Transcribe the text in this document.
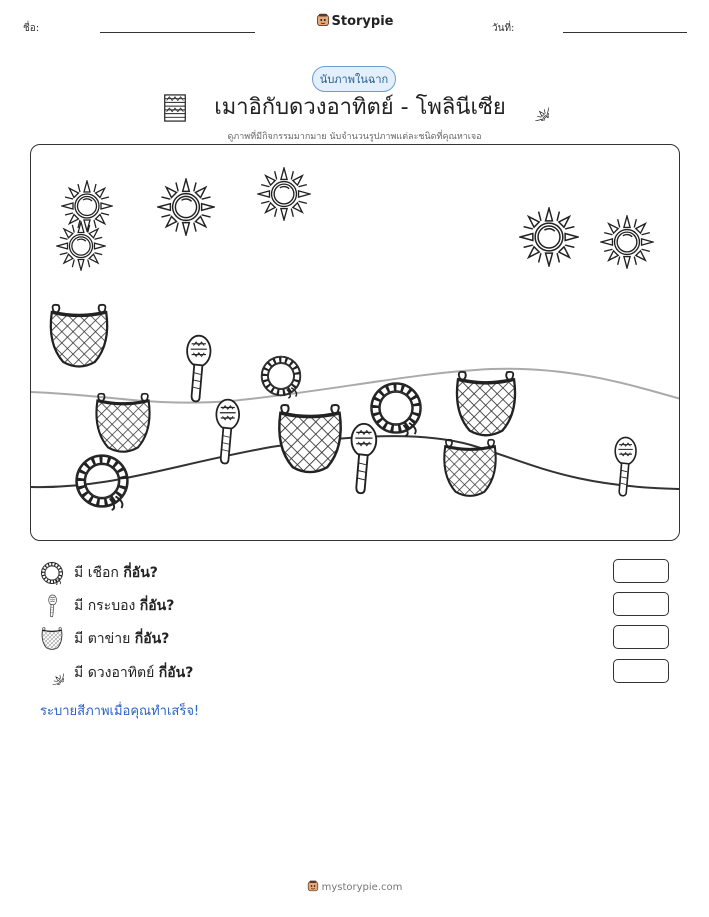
ชื่อ:	Storypie	วันที่:
นับภาพในฉาก
เมาอิกับดวงอาทิตย์ - โพลินีเซีย
ดูภาพที่มีกิจกรรมมากมาย นับจำนวนรูปภาพแต่ละชนิดที่คุณหาเจอ
มี เชือก กี่อัน?
มี กระบอง กี่อัน?
มี ตาข่าย กี่อัน?
มี ดวงอาทิตย์ กี่อัน?
ระบายสีภาพเมื่อคุณทำเสร็จ!
mystorypie.com
